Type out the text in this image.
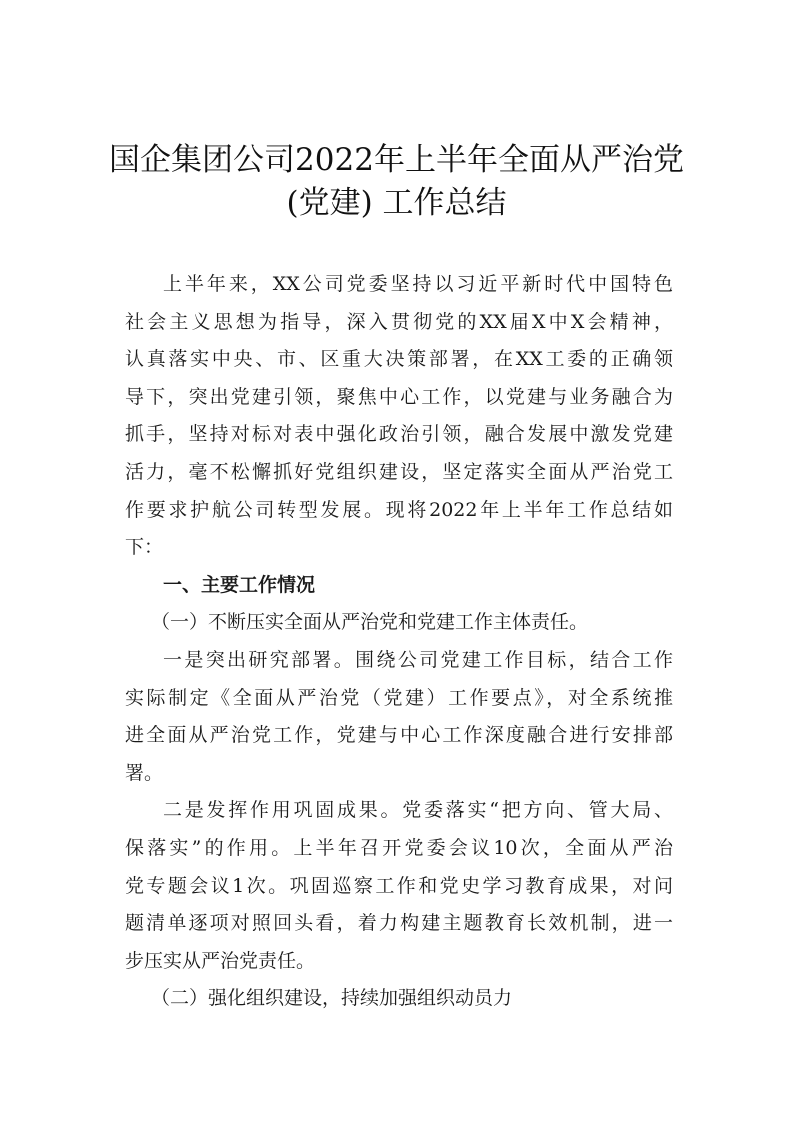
国企集团公司2022年上半年全面从严治党
(党建) 工作总结
上半年来，XX公司党委坚持以习近平新时代中国特色
社会主义思想为指导，深入贯彻党的XX届X中X会精神，
认真落实中央、市、区重大决策部署，在XX工委的正确领
导下，突出党建引领，聚焦中心工作，以党建与业务融合为
抓手，坚持对标对表中强化政治引领，融合发展中激发党建
活力，毫不松懈抓好党组织建设，坚定落实全面从严治党工
作要求护航公司转型发展。现将2022年上半年工作总结如
下：
一、主要工作情况
（一）不断压实全面从严治党和党建工作主体责任。
一是突出研究部署。围绕公司党建工作目标，结合工作
实际制定《全面从严治党（党建）工作要点》，对全系统推
进全面从严治党工作，党建与中心工作深度融合进行安排部
署。
二是发挥作用巩固成果。党委落实“把方向、管大局、
保落实”的作用。上半年召开党委会议10次，全面从严治
党专题会议1次。巩固巡察工作和党史学习教育成果，对问
题清单逐项对照回头看，着力构建主题教育长效机制，进一
步压实从严治党责任。
（二）强化组织建设，持续加强组织动员力
